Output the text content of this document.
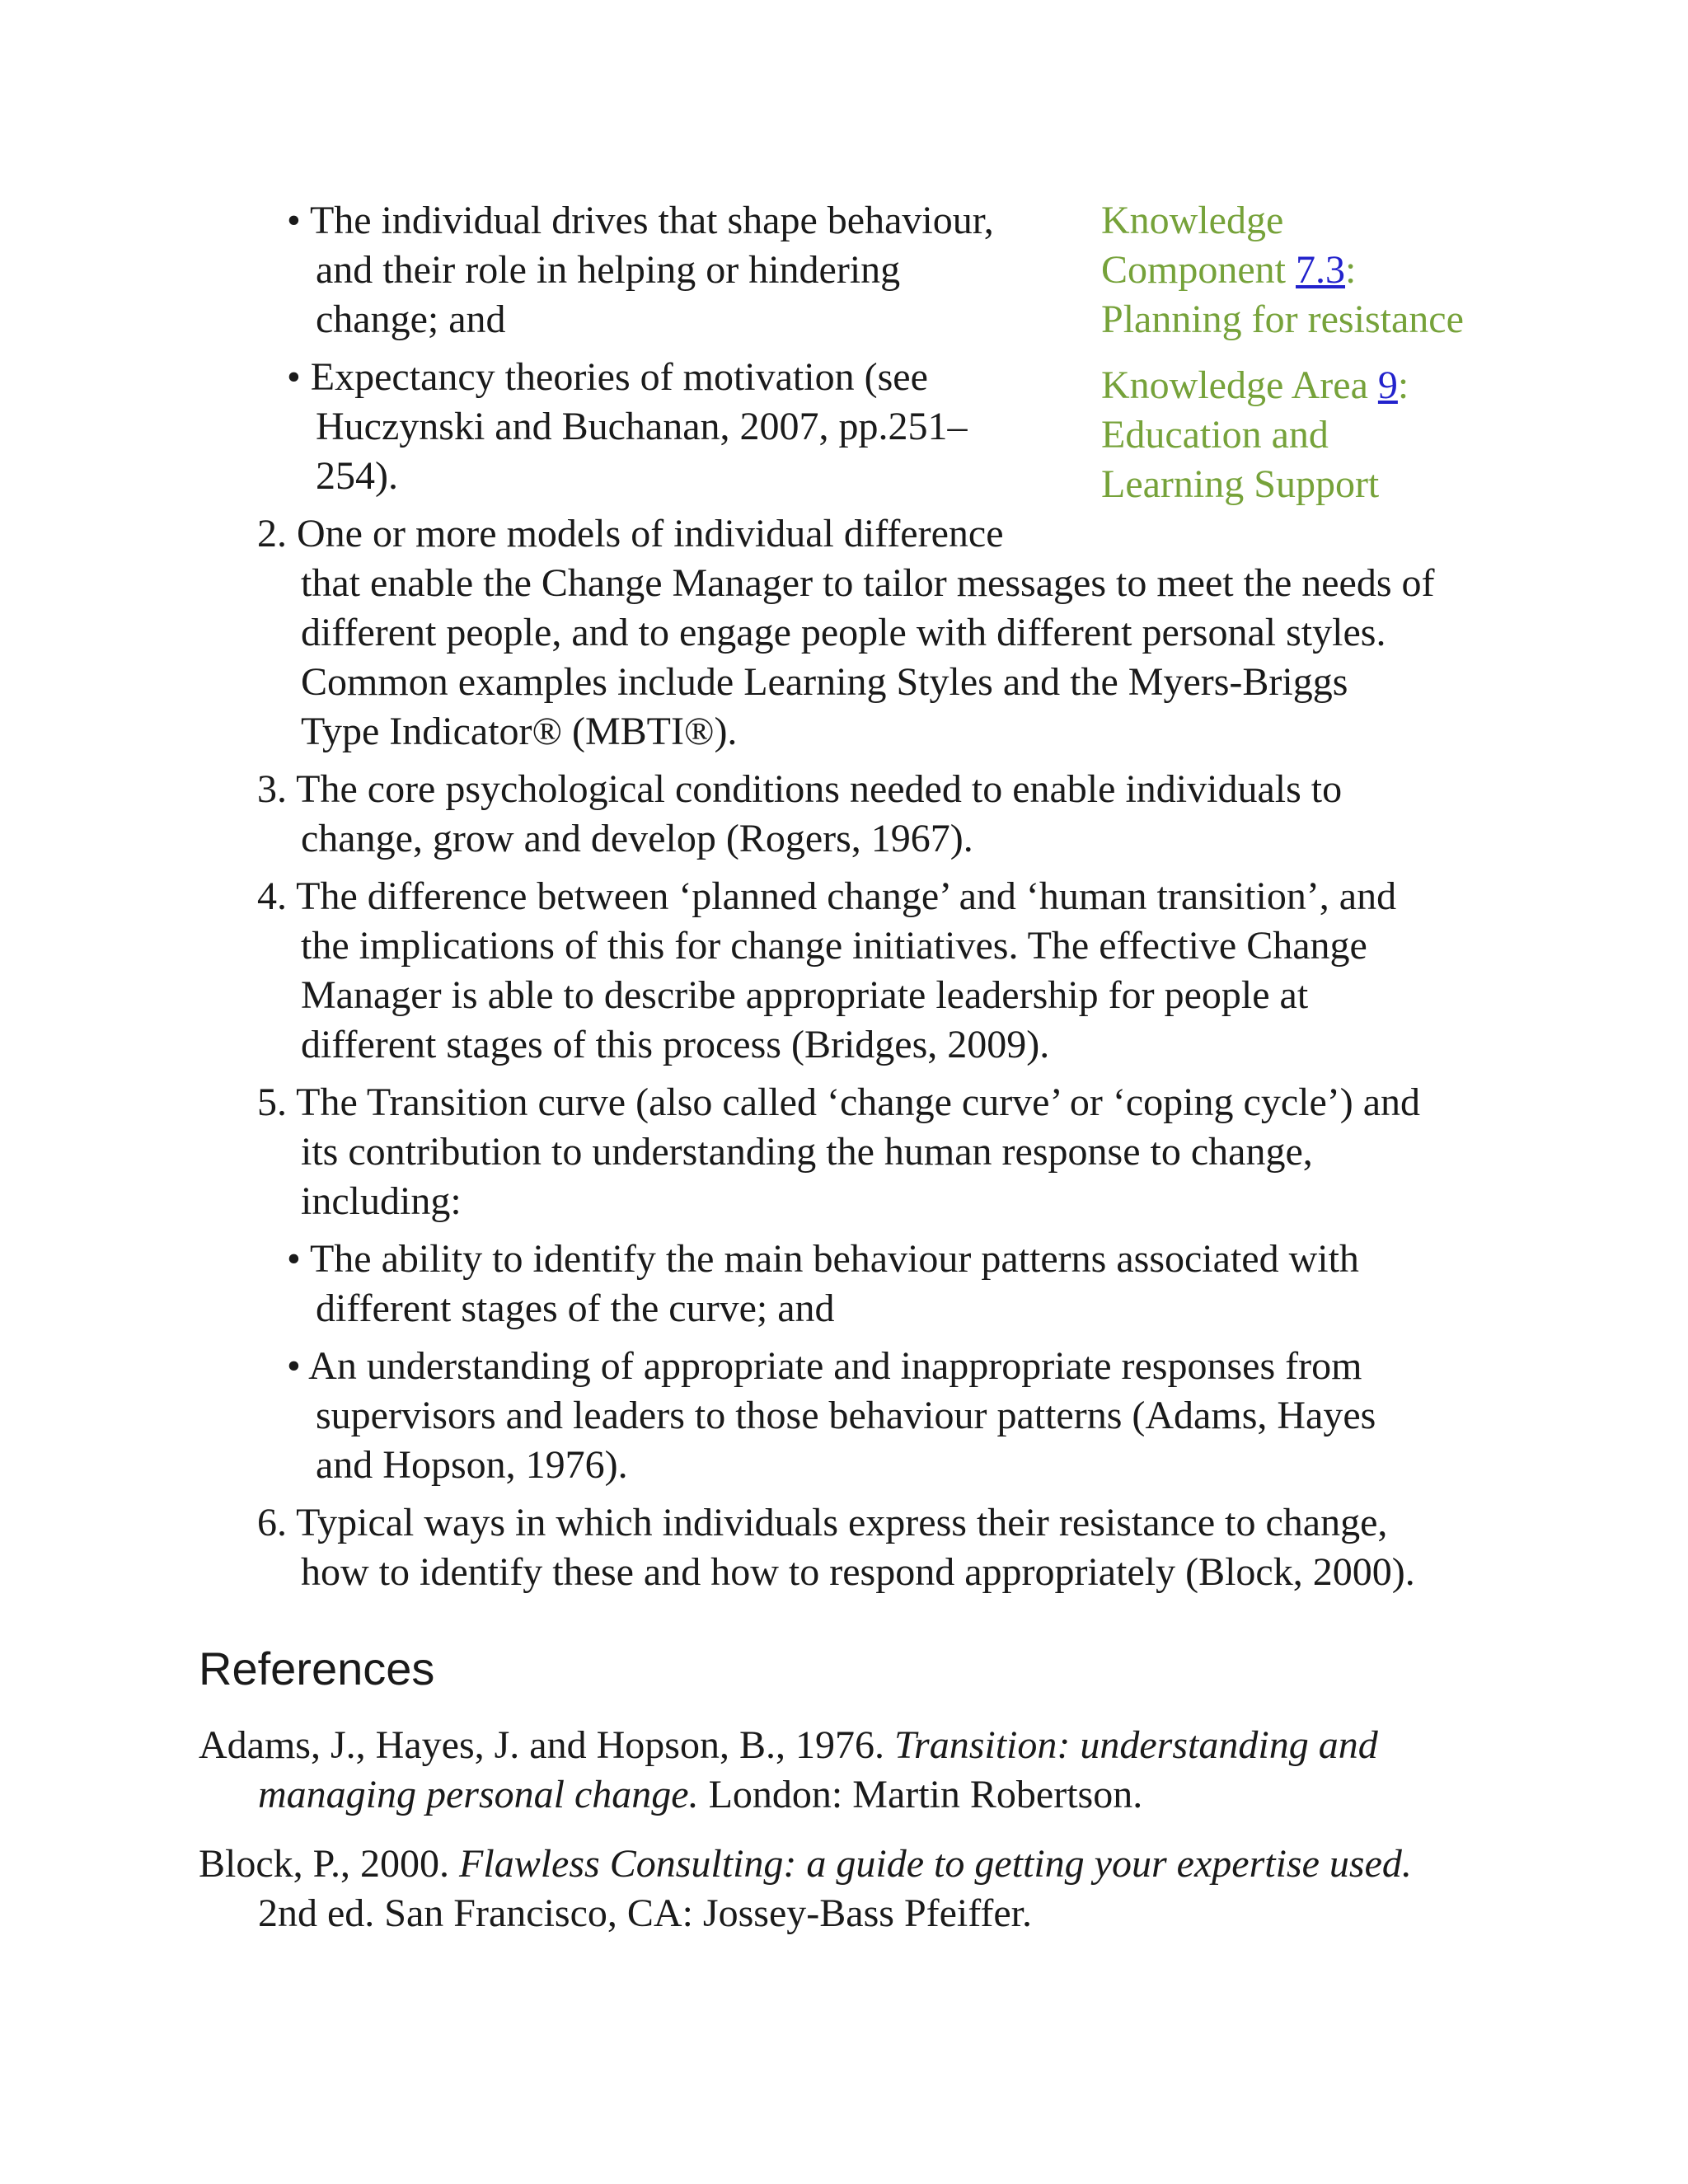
• The individual drives that shape behaviour,
and their role in helping or hindering
change; and
• Expectancy theories of motivation (see
Huczynski and Buchanan, 2007, pp.251–
254).
Knowledge
Component 7.3:
Planning for resistance
Knowledge Area 9:
Education and
Learning Support
2. One or more models of individual difference
that enable the Change Manager to tailor messages to meet the needs of
different people, and to engage people with different personal styles.
Common examples include Learning Styles and the Myers-Briggs
Type Indicator® (MBTI®).
3. The core psychological conditions needed to enable individuals to
change, grow and develop (Rogers, 1967).
4. The difference between ‘planned change’ and ‘human transition’, and
the implications of this for change initiatives. The effective Change
Manager is able to describe appropriate leadership for people at
different stages of this process (Bridges, 2009).
5. The Transition curve (also called ‘change curve’ or ‘coping cycle’) and
its contribution to understanding the human response to change,
including:
• The ability to identify the main behaviour patterns associated with
different stages of the curve; and
• An understanding of appropriate and inappropriate responses from
supervisors and leaders to those behaviour patterns (Adams, Hayes
and Hopson, 1976).
6. Typical ways in which individuals express their resistance to change,
how to identify these and how to respond appropriately (Block, 2000).
References
Adams, J., Hayes, J. and Hopson, B., 1976. Transition: understanding and
managing personal change. London: Martin Robertson.
Block, P., 2000. Flawless Consulting: a guide to getting your expertise used.
2nd ed. San Francisco, CA: Jossey-Bass Pfeiffer.
